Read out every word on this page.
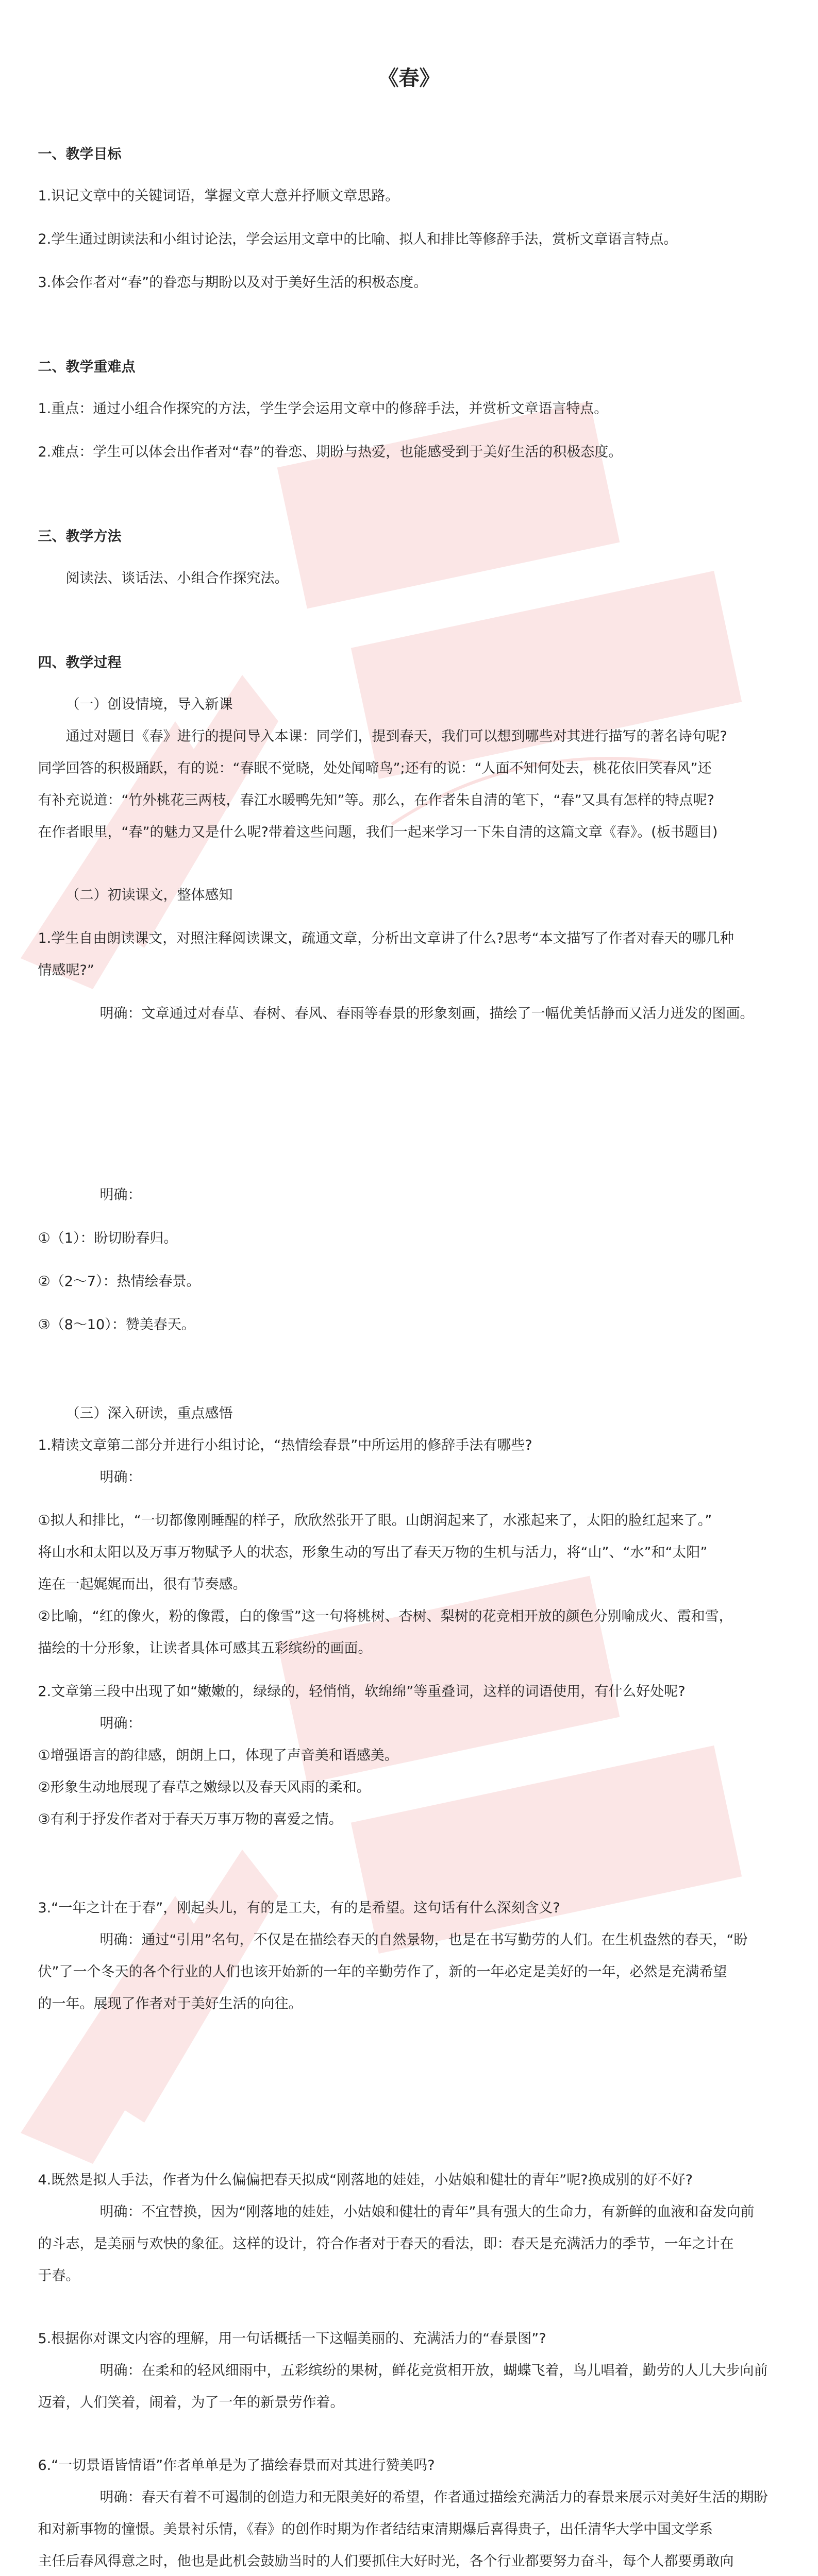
《春》
一、教学目标

1.识记文章中的关键词语，掌握文章大意并抒顺文章思路。

2.学生通过朗读法和小组讨论法，学会运用文章中的比喻、拟人和排比等修辞手法，赏析文章语言特点。

3.体会作者对“春”的眷恋与期盼以及对于美好生活的积极态度。

二、教学重难点

1.重点：通过小组合作探究的方法，学生学会运用文章中的修辞手法，并赏析文章语言特点。

2.难点：学生可以体会出作者对“春”的眷恋、期盼与热爱，也能感受到于美好生活的积极态度。

三、教学方法

阅读法、谈话法、小组合作探究法。

四、教学过程

（一）创设情境，导入新课

通过对题目《春》进行的提问导入本课：同学们，提到春天，我们可以想到哪些对其进行描写的著名诗句呢?

同学回答的积极踊跃，有的说：“春眠不觉晓，处处闻啼鸟”;还有的说：“人面不知何处去，桃花依旧笑春风”还

有补充说道：“竹外桃花三两枝，春江水暖鸭先知”等。那么，在作者朱自清的笔下，“春”又具有怎样的特点呢?

在作者眼里，“春”的魅力又是什么呢?带着这些问题，我们一起来学习一下朱自清的这篇文章《春》。(板书题目)

（二）初读课文，整体感知

1.学生自由朗读课文，对照注释阅读课文，疏通文章，分析出文章讲了什么?思考“本文描写了作者对春天的哪几种

情感呢?”

明确：文章通过对春草、春树、春风、春雨等春景的形象刻画，描绘了一幅优美恬静而又活力迸发的图画。

明确：

①（1）：盼切盼春归。

②（2～7）：热情绘春景。

③（8～10）：赞美春天。

（三）深入研读，重点感悟

1.精读文章第二部分并进行小组讨论，“热情绘春景”中所运用的修辞手法有哪些?

明确：

①拟人和排比，“一切都像刚睡醒的样子，欣欣然张开了眼。山朗润起来了，水涨起来了，太阳的脸红起来了。”

将山水和太阳以及万事万物赋予人的状态，形象生动的写出了春天万物的生机与活力，将“山”、“水”和“太阳”

连在一起娓娓而出，很有节奏感。

②比喻，“红的像火，粉的像霞，白的像雪”这一句将桃树、杏树、梨树的花竞相开放的颜色分别喻成火、霞和雪，

描绘的十分形象，让读者具体可感其五彩缤纷的画面。

2.文章第三段中出现了如“嫩嫩的，绿绿的，轻悄悄，软绵绵”等重叠词，这样的词语使用，有什么好处呢?

明确：

①增强语言的韵律感，朗朗上口，体现了声音美和语感美。

②形象生动地展现了春草之嫩绿以及春天风雨的柔和。

③有利于抒发作者对于春天万事万物的喜爱之情。

3.“一年之计在于春”，刚起头儿，有的是工夫，有的是希望。这句话有什么深刻含义?

明确：通过“引用”名句，不仅是在描绘春天的自然景物，也是在书写勤劳的人们。在生机盎然的春天，“盼

伏”了一个冬天的各个行业的人们也该开始新的一年的辛勤劳作了，新的一年必定是美好的一年，必然是充满希望

的一年。展现了作者对于美好生活的向往。

4.既然是拟人手法，作者为什么偏偏把春天拟成“刚落地的娃娃，小姑娘和健壮的青年”呢?换成别的好不好?

明确：不宜替换，因为“刚落地的娃娃，小姑娘和健壮的青年”具有强大的生命力，有新鲜的血液和奋发向前

的斗志，是美丽与欢快的象征。这样的设计，符合作者对于春天的看法，即：春天是充满活力的季节，一年之计在

于春。

5.根据你对课文内容的理解，用一句话概括一下这幅美丽的、充满活力的“春景图”?

明确：在柔和的轻风细雨中，五彩缤纷的果树，鲜花竞赏相开放，蝴蝶飞着，鸟儿唱着，勤劳的人儿大步向前

迈着，人们笑着，闹着，为了一年的新景劳作着。

6.“一切景语皆情语”作者单单是为了描绘春景而对其进行赞美吗?

明确：春天有着不可遏制的创造力和无限美好的希望，作者通过描绘充满活力的春景来展示对美好生活的期盼

和对新事物的憧憬。美景衬乐情，《春》的创作时期为作者结结束清期爆后喜得贵子，出任清华大学中国文学系

主任后春风得意之时，他也是此机会鼓励当时的人们要抓住大好时光，各个行业都要努力奋斗，每个人都要勇敢向
